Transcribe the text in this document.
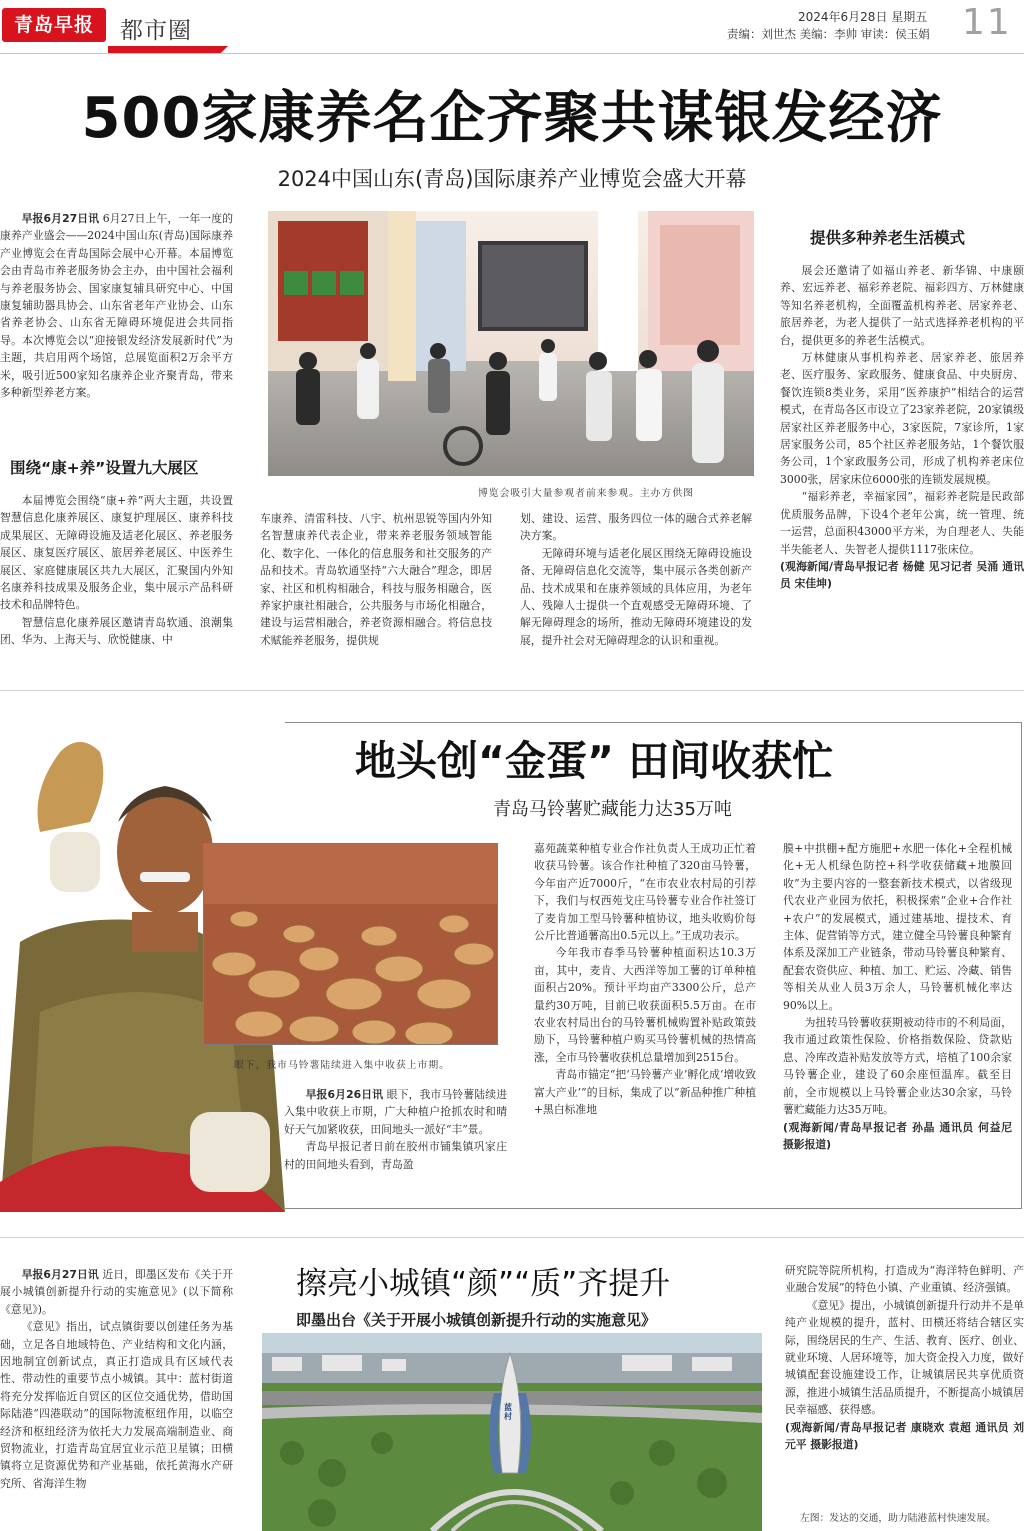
青岛早报	都市圈
2024年6月28日 星期五
责编：刘世杰 美编：李帅 审读：侯玉娟 11
500家康养名企齐聚共谋银发经济
2024中国山东(青岛)国际康养产业博览会盛大开幕

早报6月27日讯 6月27日上午，一年一度的康养产业盛会——2024中国山东(青岛)国际康养产业博览会在青岛国际会展中心开幕。本届博览会由青岛市养老服务协会主办，由中国社会福利与养老服务协会、国家康复辅具研究中心、中国康复辅助器具协会、山东省老年产业协会、山东省养老协会、山东省无障碍环境促进会共同指导。本次博览会以“迎接银发经济发展新时代”为主题，共启用两个场馆，总展览面积2万余平方米，吸引近500家知名康养企业齐聚青岛，带来多种新型养老方案。

围绕“康+养”设置九大展区

本届博览会围绕“康+养”两大主题，共设置智慧信息化康养展区、康复护理展区、康养科技成果展区、无障碍设施及适老化展区、养老服务展区、康复医疗展区、旅居养老展区、中医养生展区、家庭健康展区共九大展区，汇聚国内外知名康养科技成果及服务企业，集中展示产品科研技术和品牌特色。

智慧信息化康养展区邀请青岛软通、浪潮集团、华为、上海天与、欣悦健康、中

博览会吸引大量参观者前来参观。主办方供图

车康养、清雷科技、八宇、杭州思锐等国内外知名智慧康养代表企业，带来养老服务领域智能化、数字化、一体化的信息服务和社交服务的产品和技术。青岛软通坚持“六大融合”理念，即居家、社区和机构相融合，科技与服务相融合，医养家护康社相融合，公共服务与市场化相融合，建设与运营相融合，养老资源相融合。将信息技术赋能养老服务，提供规

划、建设、运营、服务四位一体的融合式养老解决方案。

无障碍环境与适老化展区围绕无障碍设施设备、无障碍信息化交流等，集中展示各类创新产品、技术成果和在康养领域的具体应用，为老年人、残障人士提供一个直观感受无障碍环境、了解无障碍理念的场所，推动无障碍环境建设的发展，提升社会对无障碍理念的认识和重视。

提供多种养老生活模式

展会还邀请了如福山养老、新华锦、中康颐养、宏远养老、福彩养老院、福彩四方、万林健康等知名养老机构，全面覆盖机构养老、居家养老、旅居养老，为老人提供了一站式选择养老机构的平台，提供更多的养老生活模式。

万林健康从事机构养老、居家养老、旅居养老、医疗服务、家政服务、健康食品、中央厨房、餐饮连锁8类业务，采用“医养康护”相结合的运营模式，在青岛各区市设立了23家养老院，20家镇级居家社区养老服务中心，3家医院，7家诊所，1家居家服务公司，85个社区养老服务站，1个餐饮服务公司，1个家政服务公司，形成了机构养老床位3000张，居家床位6000张的连锁发展规模。

“福彩养老，幸福家园”，福彩养老院是民政部优质服务品牌，下设4个老年公寓，统一管理、统一运营，总面积43000平方米，为自理老人、失能半失能老人、失智老人提供1117张床位。

(观海新闻/青岛早报记者 杨健 见习记者 吴涌 通讯员 宋佳坤)

地头创“金蛋” 田间收获忙
青岛马铃薯贮藏能力达35万吨
眼下，我市马铃薯陆续进入集中收获上市期。

早报6月26日讯 眼下，我市马铃薯陆续进入集中收获上市期，广大种植户抢抓农时和晴好天气加紧收获，田间地头一派好“丰”景。

青岛早报记者日前在胶州市铺集镇巩家庄村的田间地头看到，青岛盈

嘉苑蔬菜种植专业合作社负责人王成功正忙着收获马铃薯。该合作社种植了320亩马铃薯，今年亩产近7000斤，“在市农业农村局的引荐下，我们与权西苑戈庄马铃薯专业合作社签订了麦肯加工型马铃薯种植协议，地头收购价每公斤比普通薯高出0.5元以上。”王成功表示。

今年我市春季马铃薯种植面积达10.3万亩，其中，麦肯、大西洋等加工薯的订单种植面积占20%。预计平均亩产3300公斤，总产量约30万吨，目前已收获面积5.5万亩。在市农业农村局出台的马铃薯机械购置补贴政策鼓励下，马铃薯种植户购买马铃薯机械的热情高涨，全市马铃薯收获机总量增加到2515台。

青岛市锚定“把‘马铃薯产业’孵化成‘增收致富大产业’”的目标，集成了以“新品种推广种植+黑白标准地

膜+中拱棚+配方施肥+水肥一体化+全程机械化+无人机绿色防控+科学收获储藏+地膜回收”为主要内容的一整套新技术模式，以省级现代农业产业园为依托，积极探索“企业+合作社+农户”的发展模式，通过建基地、提技术、育主体、促营销等方式，建立健全马铃薯良种繁育体系及深加工产业链条，带动马铃薯良种繁育、配套农资供应、种植、加工、贮运、冷藏、销售等相关从业人员3万余人，马铃薯机械化率达90%以上。

为扭转马铃薯收获期被动待市的不利局面，我市通过政策性保险、价格指数保险、贷款贴息、冷库改造补贴发放等方式，培植了100余家马铃薯企业，建设了60余座恒温库。截至目前，全市规模以上马铃薯企业达30余家，马铃薯贮藏能力达35万吨。

(观海新闻/青岛早报记者 孙晶 通讯员 何益尼 摄影报道)

早报6月27日讯 近日，即墨区发布《关于开展小城镇创新提升行动的实施意见》(以下简称《意见》)。

《意见》指出，试点镇街要以创建任务为基础，立足各自地域特色、产业结构和文化内涵，因地制宜创新试点，真正打造成具有区域代表性、带动性的重要节点小城镇。其中：蓝村街道将充分发挥临近自贸区的区位交通优势，借助国际陆港“四港联动”的国际物流枢纽作用，以临空经济和枢纽经济为依托大力发展高端制造业、商贸物流业，打造青岛宜居宜业示范卫星镇；田横镇将立足资源优势和产业基础，依托黄海水产研究所、省海洋生物

擦亮小城镇“颜”“质”齐提升
即墨出台《关于开展小城镇创新提升行动的实施意见》
蓝村

研究院等院所机构，打造成为“海洋特色鲜明、产业融合发展”的特色小镇、产业重镇、经济强镇。

《意见》提出，小城镇创新提升行动并不是单纯产业规模的提升，蓝村、田横还将结合辖区实际，围绕居民的生产、生活、教育、医疗、创业、就业环境、人居环境等，加大资金投入力度，做好城镇配套设施建设工作，让城镇居民共享优质资源，推进小城镇生活品质提升，不断提高小城镇居民幸福感、获得感。

(观海新闻/青岛早报记者 康晓欢 袁超 通讯员 刘元平 摄影报道)

左图：发达的交通，助力陆港蓝村快速发展。
